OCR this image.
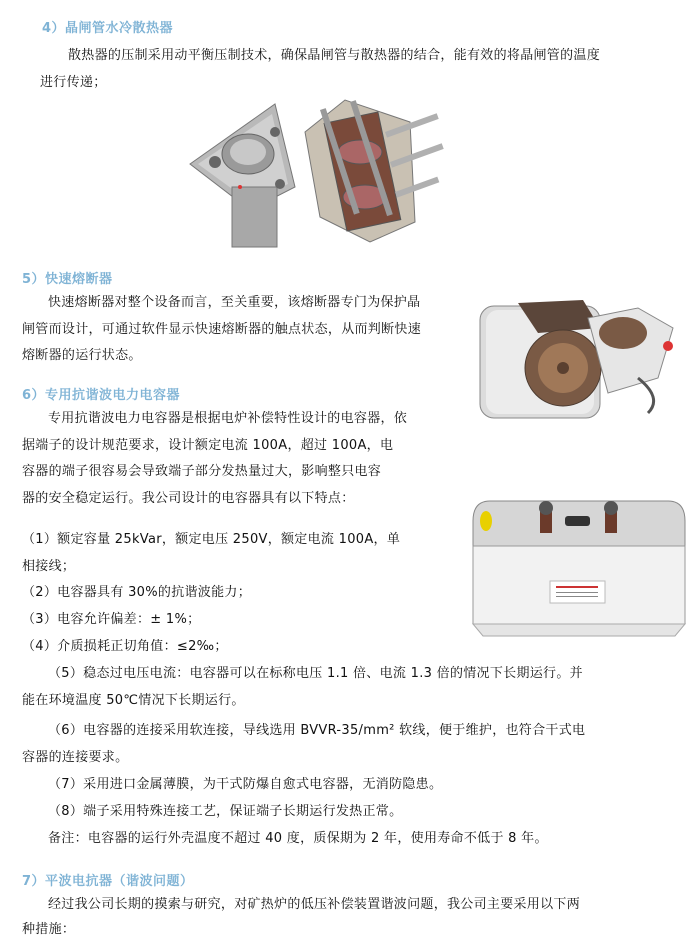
4）晶闸管水冷散热器
散热器的压制采用动平衡压制技术，确保晶闸管与散热器的结合，能有效的将晶闸管的温度
进行传递；
5）快速熔断器
快速熔断器对整个设备而言，至关重要，该熔断器专门为保护晶
闸管而设计，可通过软件显示快速熔断器的触点状态，从而判断快速
熔断器的运行状态。
6）专用抗谐波电力电容器
专用抗谐波电力电容器是根据电炉补偿特性设计的电容器，依
据端子的设计规范要求，设计额定电流 100A，超过 100A，电
容器的端子很容易会导致端子部分发热量过大，影响整只电容
器的安全稳定运行。我公司设计的电容器具有以下特点：
（1）额定容量 25kVar，额定电压 250V，额定电流 100A，单
相接线；
（2）电容器具有 30%的抗谐波能力；
（3）电容允许偏差：± 1%；
（4）介质损耗正切角值：≤2‰；
（5）稳态过电压电流：电容器可以在标称电压 1.1 倍、电流 1.3 倍的情况下长期运行。并
能在环境温度 50℃情况下长期运行。
（6）电容器的连接采用软连接，导线选用 BVVR-35/mm² 软线，便于维护，也符合干式电
容器的连接要求。
（7）采用进口金属薄膜，为干式防爆自愈式电容器，无消防隐患。
（8）端子采用特殊连接工艺，保证端子长期运行发热正常。
备注：电容器的运行外壳温度不超过 40 度，质保期为 2 年，使用寿命不低于 8 年。
7）平波电抗器（谐波问题）
经过我公司长期的摸索与研究，对矿热炉的低压补偿装置谐波问题，我公司主要采用以下两
种措施：
